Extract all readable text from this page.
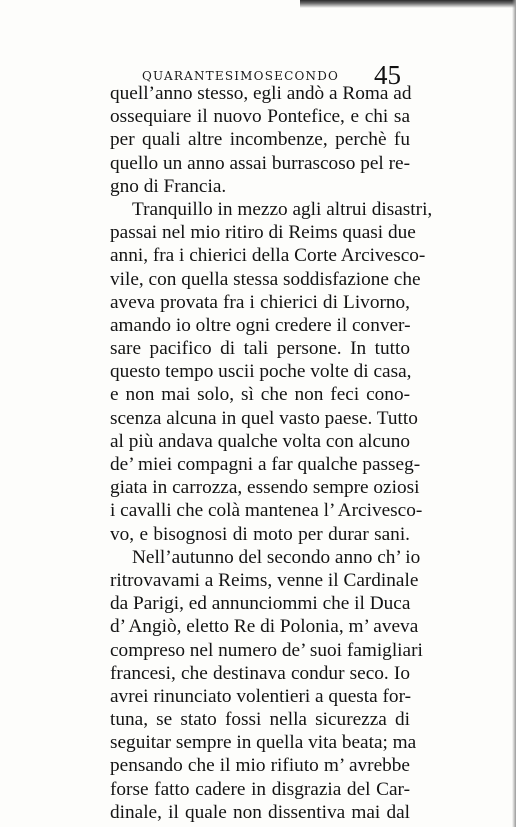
QUARANTESIMOSECONDO 45
quell’anno stesso, egli andò a Roma ad
ossequiare il nuovo Pontefice, e chi sa
per quali altre incombenze, perchè fu
quello un anno assai burrascoso pel re-
gno di Francia.
Tranquillo in mezzo agli altrui disastri,
passai nel mio ritiro di Reims quasi due
anni, fra i chierici della Corte Arcivesco-
vile, con quella stessa soddisfazione che
aveva provata fra i chierici di Livorno,
amando io oltre ogni credere il conver-
sare pacifico di tali persone. In tutto
questo tempo uscii poche volte di casa,
e non mai solo, sì che non feci cono-
scenza alcuna in quel vasto paese. Tutto
al più andava qualche volta con alcuno
de’ miei compagni a far qualche passeg-
giata in carrozza, essendo sempre oziosi
i cavalli che colà mantenea l’ Arcivesco-
vo, e bisognosi di moto per durar sani.
Nell’autunno del secondo anno ch’ io
ritrovavami a Reims, venne il Cardinale
da Parigi, ed annunciommi che il Duca
d’ Angiò, eletto Re di Polonia, m’ aveva
compreso nel numero de’ suoi famigliari
francesi, che destinava condur seco. Io
avrei rinunciato volentieri a questa for-
tuna, se stato fossi nella sicurezza di
seguitar sempre in quella vita beata; ma
pensando che il mio rifiuto m’ avrebbe
forse fatto cadere in disgrazia del Car-
dinale, il quale non dissentiva mai dal
